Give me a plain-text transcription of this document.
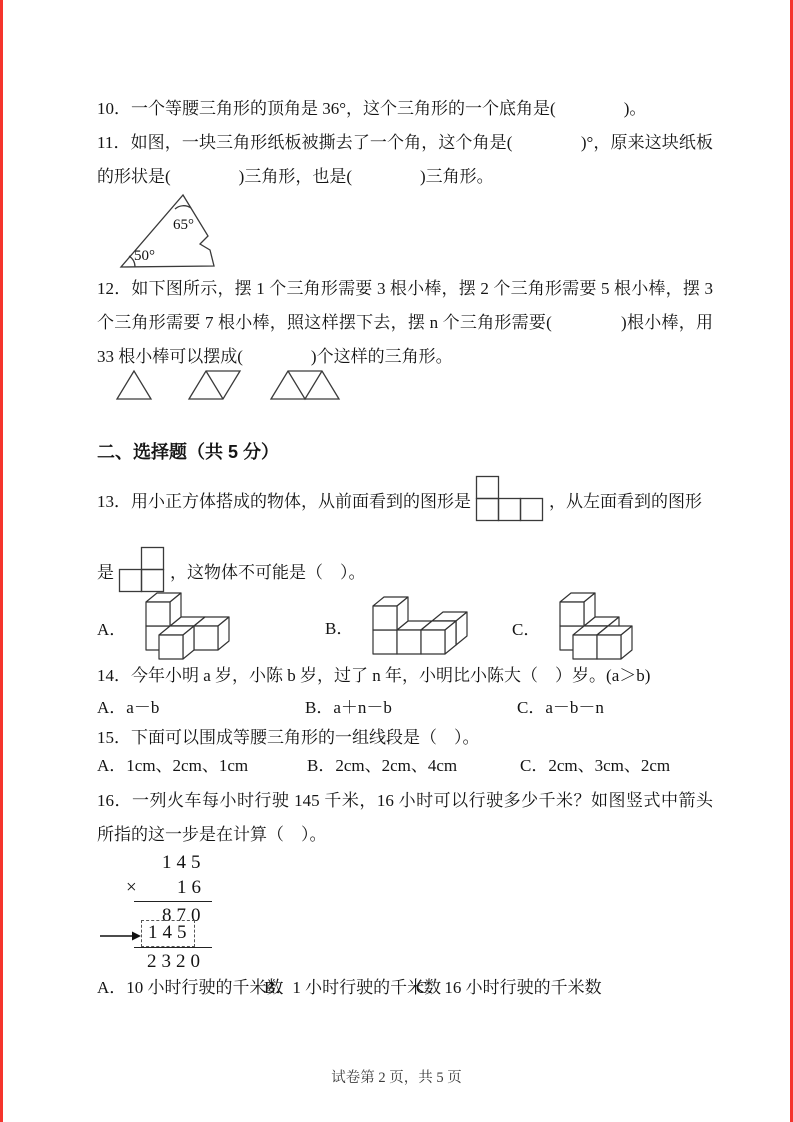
10．一个等腰三角形的顶角是 36°，这个三角形的一个底角是(　　　　)。
11．如图，一块三角形纸板被撕去了一个角，这个角是(　　　　)°，原来这块纸板的形状是(　　　　)三角形，也是(　　　　)三角形。
65°
50°
12．如下图所示，摆 1 个三角形需要 3 根小棒，摆 2 个三角形需要 5 根小棒，摆 3 个三角形需要 7 根小棒，照这样摆下去，摆 n 个三角形需要(　　　　)根小棒，用 33 根小棒可以摆成(　　　　)个这样的三角形。
二、选择题（共 5 分）
13．用小正方体搭成的物体，从前面看到的图形是	，从左面看到的图形
是	，这物体不可能是（　）。
A．	B．	C．
14．今年小明 a 岁，小陈 b 岁，过了 n 年，小明比小陈大（　）岁。(a＞b)
A．a－b	B．a＋n－b	C．a－b－n
15．下面可以围成等腰三角形的一组线段是（　）。
A．1cm、2cm、1cm	B．2cm、2cm、4cm	C．2cm、3cm、2cm
16．一列火车每小时行驶 145 千米，16 小时可以行驶多少千米？如图竖式中箭头所指的这一步是在计算（　）。
145
× 16
870
145
2320
A．10 小时行驶的千米数
B．1 小时行驶的千米数
C．16 小时行驶的千米数
试卷第 2 页，共 5 页
